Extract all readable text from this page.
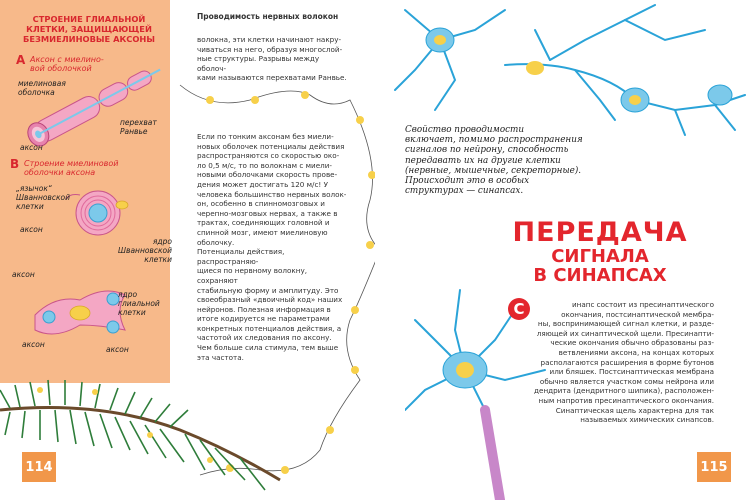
СТРОЕНИЕ ГЛИАЛЬНОЙ
КЛЕТКИ, ЗАЩИЩАЮЩЕЙ
БЕЗМИЕЛИНОВЫЕ АКСОНЫ
А Аксон с миелино-
вой оболочкой
миелиновая
оболочка
перехват
Ранвье
аксон
В Строение миелиновой
оболочки аксона
„язычок“
Шванновской
клетки
аксон
ядро
Шванновской
клетки
аксон
ядро
глиальной
клетки
аксон
аксон
Проводимость нервных волокон
волокна, эти клетки начинают накру-
чиваться на него, образуя многослой-
ные структуры. Разрывы между оболоч-
ками называются перехватами Ранвье.
Если по тонким аксонам без миели-
новых оболочек потенциалы действия
распространяются со скоростью око-
ло 0,5 м/с, то по волокнам с миели-
новыми оболочками скорость прове-
дения может достигать 120 м/с! У
человека большинство нервных волок-
он, особенно в спинномозговых и
черепно-мозговых нервах, а также в
трактах, соединяющих головной и
спинной мозг, имеют миелиновую
оболочку.
Потенциалы действия, распространяю-
щиеся по нервному волокну, сохраняют
стабильную форму и амплитуду. Это
своеобразный «двоичный код» наших
нейронов. Полезная информация в
итоге кодируется не параметрами
конкретных потенциалов действия, а
частотой их следования по аксону.
Чем больше сила стимула, тем выше
эта частота.
114
Свойство проводимости
включает, помимо распространения
сигналов по нейрону, способность
передавать их на другие клетки
(нервные, мышечные, секреторные).
Происходит это в особых
структурах — синапсах.
ПЕРЕДАЧА
СИГНАЛА
В СИНАПСАХ
С	инапс состоит из пресинаптического
окончания, постсинаптической мембра-
ны, воспринимающей сигнал клетки, и разде-
ляющей их синаптической щели. Пресинапти-
ческие окончания обычно образованы раз-
ветвлениями аксона, на концах которых
располагаются расширения в форме бутонов
или бляшек. Постсинаптическая мембрана
обычно является участком сомы нейрона или
дендрита (дендритного шипика), расположен-
ным напротив пресинаптического окончания.
Синаптическая щель характерна для так
называемых химических синапсов.
115
